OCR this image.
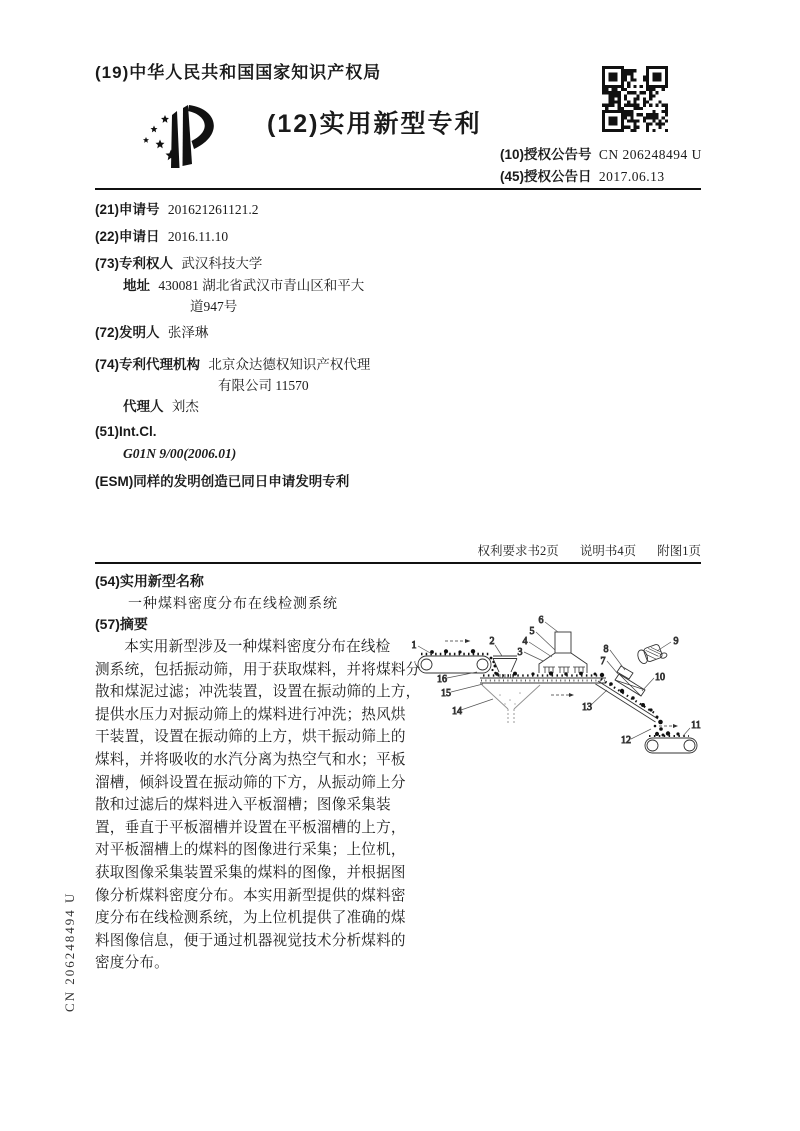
(19)中华人民共和国国家知识产权局
(12)实用新型专利
(10)授权公告号 CN 206248494 U
(45)授权公告日 2017.06.13
(21)申请号 201621261121.2
(22)申请日 2016.11.10
(73)专利权人 武汉科技大学
地址 430081 湖北省武汉市青山区和平大
道947号
(72)发明人 张泽琳
(74)专利代理机构 北京众达德权知识产权代理
有限公司 11570
代理人 刘杰
(51)Int.Cl.
G01N 9/00(2006.01)
(ESM)同样的发明创造已同日申请发明专利
权利要求书2页 说明书4页 附图1页
(54)实用新型名称
一种煤料密度分布在线检测系统
(57)摘要
本实用新型涉及一种煤料密度分布在线检
测系统，包括振动筛，用于获取煤料，并将煤料分
散和煤泥过滤；冲洗装置，设置在振动筛的上方，
提供水压力对振动筛上的煤料进行冲洗；热风烘
干装置，设置在振动筛的上方，烘干振动筛上的
煤料，并将吸收的水汽分离为热空气和水；平板
溜槽，倾斜设置在振动筛的下方，从振动筛上分
散和过滤后的煤料进入平板溜槽；图像采集装
置，垂直于平板溜槽并设置在平板溜槽的上方，
对平板溜槽上的煤料的图像进行采集；上位机，
获取图像采集装置采集的煤料的图像，并根据图
像分析煤料密度分布。本实用新型提供的煤料密
度分布在线检测系统，为上位机提供了准确的煤
料图像信息，便于通过机器视觉技术分析煤料的
密度分布。
1	2
3
4
5
6
7
8
9
10
11
12
13
14
15
16
CN 206248494 U
